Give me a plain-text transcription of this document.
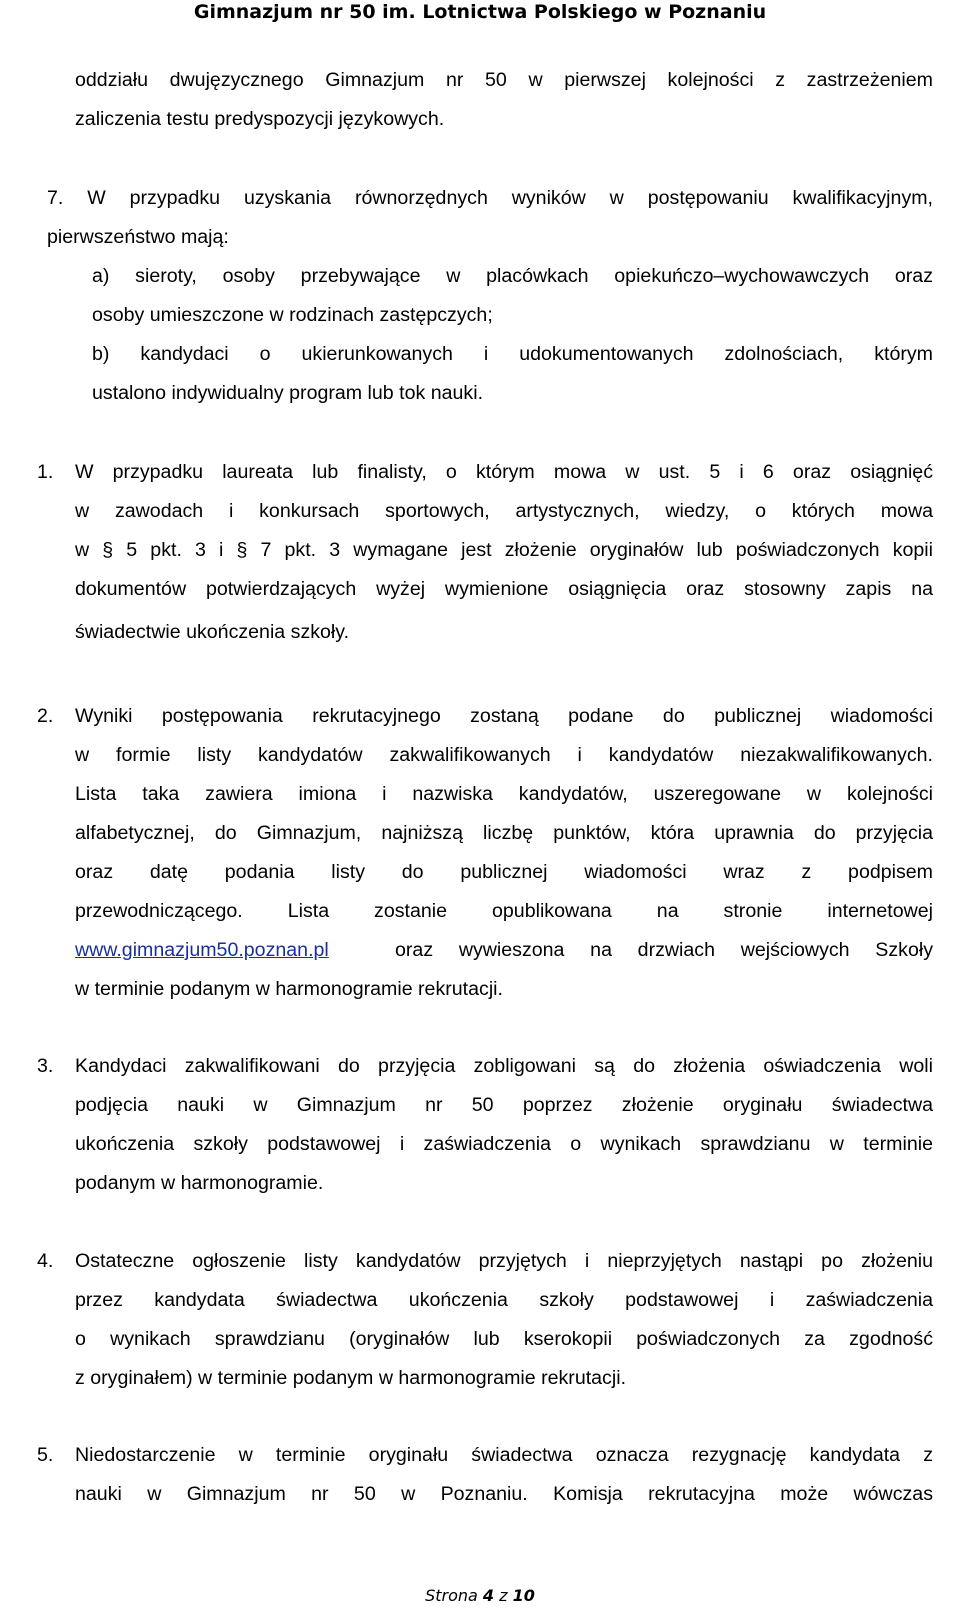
Gimnazjum nr 50 im. Lotnictwa Polskiego w Poznaniu
oddziału dwujęzycznego Gimnazjum nr 50 w pierwszej kolejności z zastrzeżeniem
zaliczenia testu predyspozycji językowych.
7. W przypadku uzyskania równorzędnych wyników w postępowaniu kwalifikacyjnym,
pierwszeństwo mają:
a) sieroty, osoby przebywające w placówkach opiekuńczo–wychowawczych oraz
osoby umieszczone w rodzinach zastępczych;
b) kandydaci o ukierunkowanych i udokumentowanych zdolnościach, którym
ustalono indywidualny program lub tok nauki.
1. W przypadku laureata lub finalisty, o którym mowa w ust. 5 i 6 oraz osiągnięć
w zawodach i konkursach sportowych, artystycznych, wiedzy, o których mowa
w § 5 pkt. 3 i § 7 pkt. 3 wymagane jest złożenie oryginałów lub poświadczonych kopii
dokumentów potwierdzających wyżej wymienione osiągnięcia oraz stosowny zapis na
świadectwie ukończenia szkoły.
2. Wyniki postępowania rekrutacyjnego zostaną podane do publicznej wiadomości
w formie listy kandydatów zakwalifikowanych i kandydatów niezakwalifikowanych.
Lista taka zawiera imiona i nazwiska kandydatów, uszeregowane w kolejności
alfabetycznej, do Gimnazjum, najniższą liczbę punktów, która uprawnia do przyjęcia
oraz datę podania listy do publicznej wiadomości wraz z podpisem
przewodniczącego. Lista zostanie opublikowana na stronie internetowej
www.gimnazjum50.poznan.pl	oraz wywieszona na drzwiach wejściowych Szkoły
w terminie podanym w harmonogramie rekrutacji.
3. Kandydaci zakwalifikowani do przyjęcia zobligowani są do złożenia oświadczenia woli
podjęcia nauki w Gimnazjum nr 50 poprzez złożenie oryginału świadectwa
ukończenia szkoły podstawowej i zaświadczenia o wynikach sprawdzianu w terminie
podanym w harmonogramie.
4. Ostateczne ogłoszenie listy kandydatów przyjętych i nieprzyjętych nastąpi po złożeniu
przez kandydata świadectwa ukończenia szkoły podstawowej i zaświadczenia
o wynikach sprawdzianu (oryginałów lub kserokopii poświadczonych za zgodność
z oryginałem) w terminie podanym w harmonogramie rekrutacji.
5. Niedostarczenie w terminie oryginału świadectwa oznacza rezygnację kandydata z
nauki w Gimnazjum nr 50 w Poznaniu. Komisja rekrutacyjna może wówczas
Strona 4 z 10
